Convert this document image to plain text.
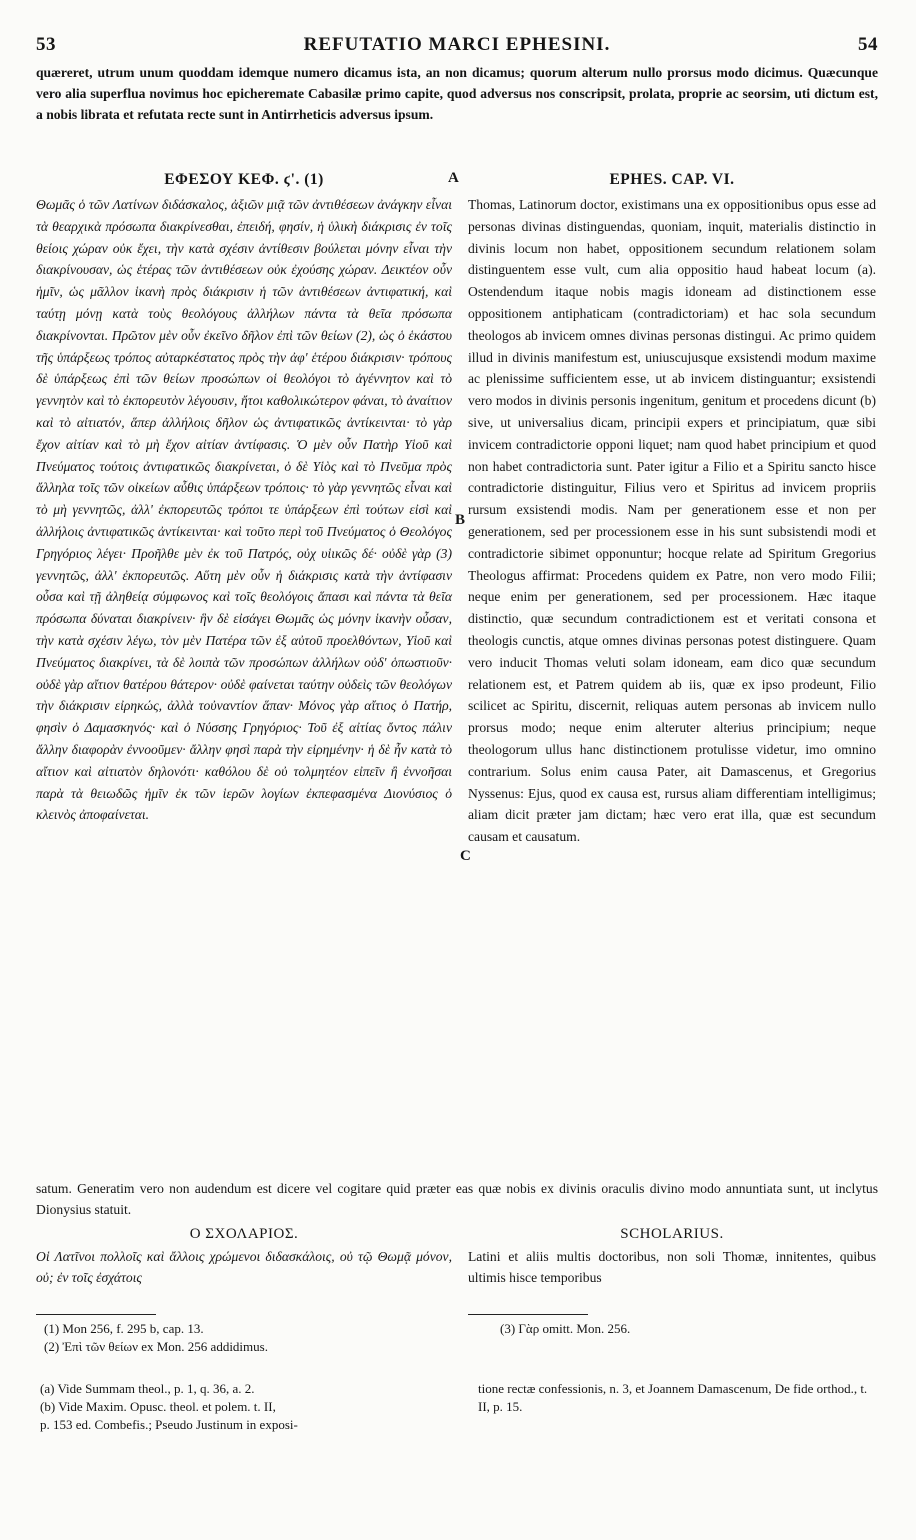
53	REFUTATIO MARCI EPHESINI.	54

quæreret, utrum unum quoddam idemque numero dicamus ista, an non dicamus; quorum alterum nullo prorsus modo dicimus. Quæcunque vero alia superflua novimus hoc epicheremate Cabasilæ primo capite, quod adversus nos conscripsit, prolata, proprie ac seorsim, uti dictum est, a nobis librata et refutata recte sunt in Antirrheticis adversus ipsum.

ΕΦΕΣΟΥ ΚΕΦ. ϛ'. (1)
Θωμᾶς ὁ τῶν Λατίνων διδάσκαλος, ἀξιῶν μιᾷ τῶν ἀντιθέσεων ἀνάγκην εἶναι τὰ θεαρχικὰ πρόσωπα διακρίνεσθαι, ἐπειδή, φησίν, ἡ ὑλικὴ διάκρισις ἐν τοῖς θείοις χώραν οὐκ ἔχει, τὴν κατὰ σχέσιν ἀντίθεσιν βούλεται μόνην εἶναι τὴν διακρίνουσαν, ὡς ἑτέρας τῶν ἀντιθέσεων οὐκ ἐχούσης χώραν. Δεικτέον οὖν ἡμῖν, ὡς μᾶλλον ἱκανὴ πρὸς διάκρισιν ἡ τῶν ἀντιθέσεων ἀντιφατική, καὶ ταύτῃ μόνῃ κατὰ τοὺς θεολόγους ἀλλήλων πάντα τὰ θεῖα πρόσωπα διακρίνονται. Πρῶτον μὲν οὖν ἐκεῖνο δῆλον ἐπὶ τῶν θείων (2), ὡς ὁ ἑκάστου τῆς ὑπάρξεως τρόπος αὐταρκέστατος πρὸς τὴν ἀφ' ἑτέρου διάκρισιν· τρόπους δὲ ὑπάρξεως ἐπὶ τῶν θείων προσώπων οἱ θεολόγοι τὸ ἀγέννητον καὶ τὸ γεννητὸν καὶ τὸ ἐκπορευτὸν λέγουσιν, ἤτοι καθολικώτερον φάναι, τὸ ἀναίτιον καὶ τὸ αἰτιατόν, ἅπερ ἀλλήλοις δῆλον ὡς ἀντιφατικῶς ἀντίκεινται· τὸ γὰρ ἔχον αἰτίαν καὶ τὸ μὴ ἔχον αἰτίαν ἀντίφασις. Ὁ μὲν οὖν Πατὴρ Υἱοῦ καὶ Πνεύματος τούτοις ἀντιφατικῶς διακρίνεται, ὁ δὲ Υἱὸς καὶ τὸ Πνεῦμα πρὸς ἄλληλα τοῖς τῶν οἰκείων αὖθις ὑπάρξεων τρόποις· τὸ γὰρ γεννητῶς εἶναι καὶ τὸ μὴ γεννητῶς, ἀλλ' ἐκπορευτῶς τρόποι τε ὑπάρξεων ἐπὶ τούτων εἰσὶ καὶ ἀλλήλοις ἀντιφατικῶς ἀντίκεινται· καὶ τοῦτο περὶ τοῦ Πνεύματος ὁ Θεολόγος Γρηγόριος λέγει· Προῆλθε μὲν ἐκ τοῦ Πατρός, οὐχ υἱικῶς δέ· οὐδὲ γὰρ (3) γεννητῶς, ἀλλ' ἐκπορευτῶς. Αὕτη μὲν οὖν ἡ διάκρισις κατὰ τὴν ἀντίφασιν οὖσα καὶ τῇ ἀληθείᾳ σύμφωνος καὶ τοῖς θεολόγοις ἅπασι καὶ πάντα τὰ θεῖα πρόσωπα δύναται διακρίνειν· ἣν δὲ εἰσάγει Θωμᾶς ὡς μόνην ἱκανὴν οὖσαν, τὴν κατὰ σχέσιν λέγω, τὸν μὲν Πατέρα τῶν ἐξ αὐτοῦ προελθόντων, Υἱοῦ καὶ Πνεύματος διακρίνει, τὰ δὲ λοιπὰ τῶν προσώπων ἀλλήλων οὐδ' ὁπωστιοῦν· οὐδὲ γὰρ αἴτιον θατέρου θάτερον· οὐδὲ φαίνεται ταύτην οὐδεὶς τῶν θεολόγων τὴν διάκρισιν εἰρηκώς, ἀλλὰ τοὐναντίον ἅπαν· Μόνος γὰρ αἴτιος ὁ Πατήρ, φησὶν ὁ Δαμασκηνός· καὶ ὁ Νύσσης Γρηγόριος· Τοῦ ἐξ αἰτίας ὄντος πάλιν ἄλλην διαφορὰν ἐννοοῦμεν· ἄλλην φησὶ παρὰ τὴν εἰρημένην· ἡ δὲ ἦν κατὰ τὸ αἴτιον καὶ αἰτιατὸν δηλονότι· καθόλου δὲ οὐ τολμητέον εἰπεῖν ἢ ἐννοῆσαι παρὰ τὰ θειωδῶς ἡμῖν ἐκ τῶν ἱερῶν λογίων ἐκπεφασμένα Διονύσιος ὁ κλεινὸς ἀποφαίνεται.
A
B
C
EPHES. CAP. VI.
Thomas, Latinorum doctor, existimans una ex oppositionibus opus esse ad personas divinas distinguendas, quoniam, inquit, materialis distinctio in divinis locum non habet, oppositionem secundum relationem solam distinguentem esse vult, cum alia oppositio haud habeat locum (a). Ostendendum itaque nobis magis idoneam ad distinctionem esse oppositionem antiphaticam (contradictoriam) et hac sola secundum theologos ab invicem omnes divinas personas distingui. Ac primo quidem illud in divinis manifestum est, uniuscujusque exsistendi modum maxime ac plenissime sufficientem esse, ut ab invicem distinguantur; exsistendi vero modos in divinis personis ingenitum, genitum et procedens dicunt (b) sive, ut universalius dicam, principii expers et principiatum, quæ sibi invicem contradictorie opponi liquet; nam quod habet principium et quod non habet contradictoria sunt. Pater igitur a Filio et a Spiritu sancto hisce contradictorie distinguitur, Filius vero et Spiritus ad invicem propriis rursum exsistendi modis. Nam per generationem esse et non per generationem, sed per processionem esse in his sunt subsistendi modi et contradictorie sibimet opponuntur; hocque relate ad Spiritum Gregorius Theologus affirmat: Procedens quidem ex Patre, non vero modo Filii; neque enim per generationem, sed per processionem. Hæc itaque distinctio, quæ secundum contradictionem est et veritati consona et theologis cunctis, atque omnes divinas personas potest distinguere. Quam vero inducit Thomas veluti solam idoneam, eam dico quæ secundum relationem est, et Patrem quidem ab iis, quæ ex ipso prodeunt, Filio scilicet ac Spiritu, discernit, reliquas autem personas ab invicem nullo prorsus modo; neque enim alteruter alterius principium; neque theologorum ullus hanc distinctionem protulisse videtur, imo omnino contrarium. Solus enim causa Pater, ait Damascenus, et Gregorius Nyssenus: Ejus, quod ex causa est, rursus aliam differentiam intelligimus; aliam dicit præter jam dictam; hæc vero erat illa, quæ est secundum causam et causatum.

satum. Generatim vero non audendum est dicere vel cogitare quid præter eas quæ nobis ex divinis oraculis divino modo annuntiata sunt, ut inclytus Dionysius statuit.

Ο ΣΧΟΛΑΡΙΟΣ.
Οἱ Λατῖνοι πολλοῖς καὶ ἄλλοις χρώμενοι διδασκάλοις, οὐ τῷ Θωμᾷ μόνον, οὐ; ἐν τοῖς ἐσχάτοις
SCHOLARIUS.
Latini et aliis multis doctoribus, non soli Thomæ, innitentes, quibus ultimis hisce temporibus
(1) Mon 256, f. 295 b, cap. 13.
(2) Ἐπὶ τῶν θείων ex Mon. 256 addidimus.
(3) Γὰρ omitt. Mon. 256.
(a) Vide Summam theol., p. 1, q. 36, a. 2.
(b) Vide Maxim. Opusc. theol. et polem. t. II,
p. 153 ed. Combefis.; Pseudo Justinum in exposi-
tione rectæ confessionis, n. 3, et Joannem Damascenum, De fide orthod., t. II, p. 15.
